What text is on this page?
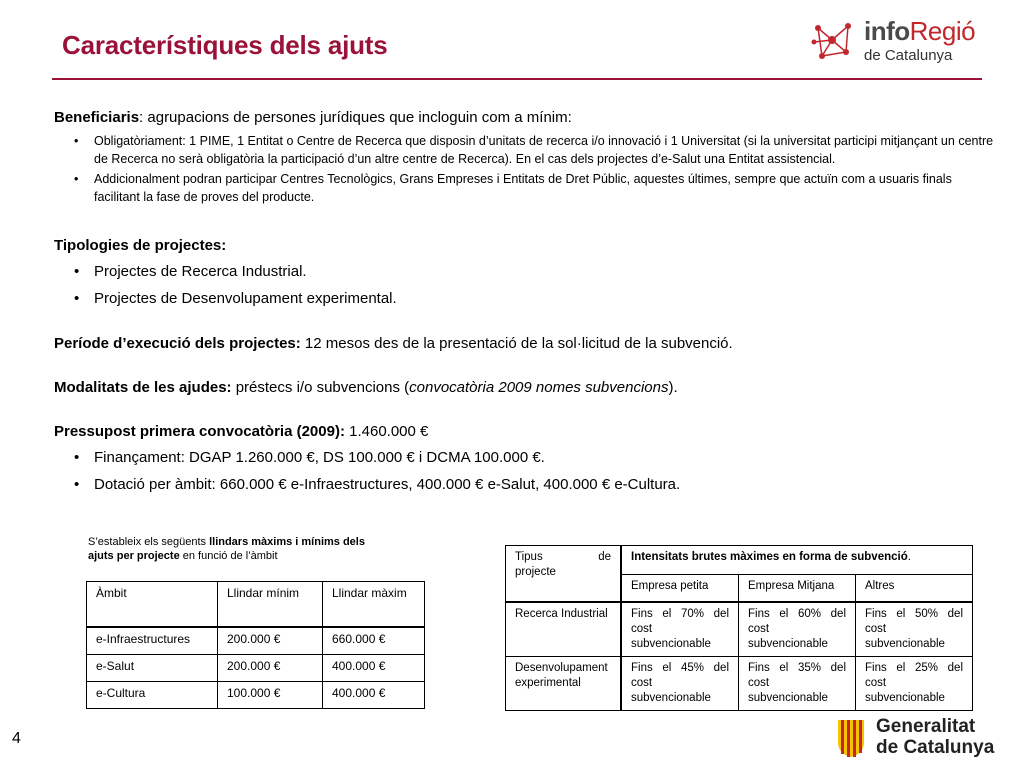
Característiques dels ajuts	infoRegió
de Catalunya
Beneficiaris: agrupacions de persones jurídiques que incloguin com a mínim:
• Obligatòriament: 1 PIME, 1 Entitat o Centre de Recerca que disposin d’unitats de recerca i/o innovació i 1 Universitat (si la universitat participi mitjançant un centre de Recerca no serà obligatòria la participació d’un altre centre de Recerca). En el cas dels projectes d’e-Salut una Entitat assistencial.
• Addicionalment podran participar Centres Tecnològics, Grans Empreses i Entitats de Dret Públic, aquestes últimes, sempre que actuïn com a usuaris finals facilitant la fase de proves del producte.
Tipologies de projectes:
• Projectes de Recerca Industrial.
• Projectes de Desenvolupament experimental.
Període d’execució dels projectes: 12 mesos des de la presentació de la sol·licitud de la subvenció.
Modalitats de les ajudes: préstecs i/o subvencions (convocatòria 2009 nomes subvencions).
Pressupost primera convocatòria (2009): 1.460.000 €
• Finançament: DGAP 1.260.000 €, DS 100.000 € i DCMA 100.000 €.
• Dotació per àmbit: 660.000 € e-Infraestructures, 400.000 € e-Salut, 400.000 € e-Cultura.
S’estableix els següents llindars màxims i mínims dels ajuts per projecte en funció de l’àmbit
Àmbit	Llindar mínim	Llindar màxim
e-Infraestructures	200.000 €	660.000 €
e-Salut	200.000 €	400.000 €
e-Cultura	100.000 €	400.000 €
Tipus de
projecte	Intensitats brutes màximes en forma de subvenció.		
	Empresa petita	Empresa Mitjana	Altres
Recerca Industrial	Fins el 70% del cost subvencionable	Fins el 60% del cost subvencionable	Fins el 50% del cost subvencionable
Desenvolupament experimental	Fins el 45% del cost subvencionable	Fins el 35% del cost subvencionable	Fins el 25% del cost subvencionable
4
Generalitat
de Catalunya
